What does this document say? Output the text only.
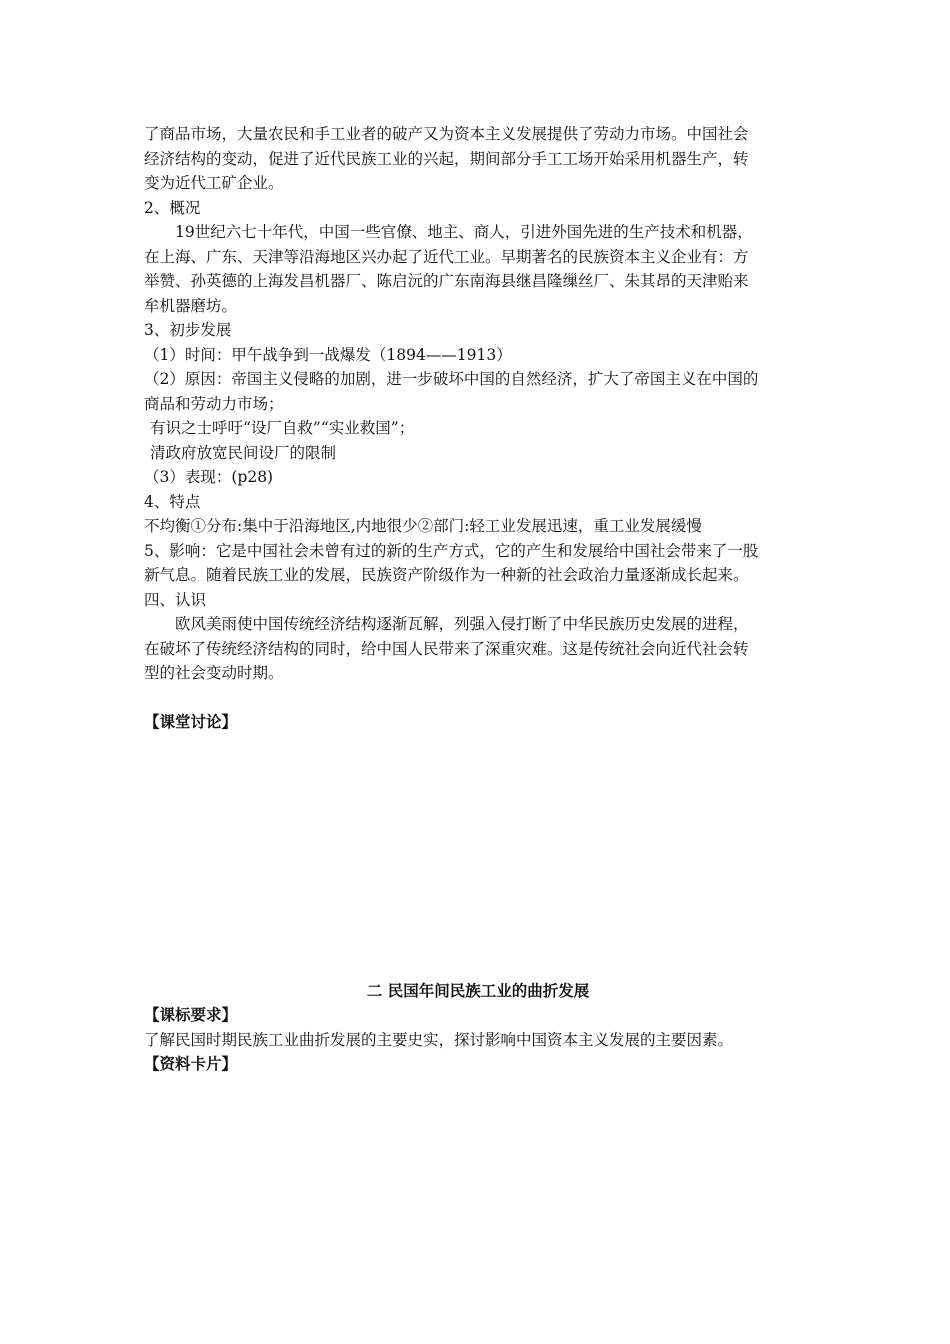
了商品市场，大量农民和手工业者的破产又为资本主义发展提供了劳动力市场。中国社会
经济结构的变动，促进了近代民族工业的兴起，期间部分手工工场开始采用机器生产，转
变为近代工矿企业。
2、概况
19世纪六七十年代，中国一些官僚、地主、商人，引进外国先进的生产技术和机器，
在上海、广东、天津等沿海地区兴办起了近代工业。早期著名的民族资本主义企业有：方
举赞、孙英德的上海发昌机器厂、陈启沅的广东南海县继昌隆缫丝厂、朱其昂的天津贻来
牟机器磨坊。
3、初步发展
（1）时间：甲午战争到一战爆发（1894——1913）
（2）原因：帝国主义侵略的加剧，进一步破坏中国的自然经济，扩大了帝国主义在中国的
商品和劳动力市场；
有识之士呼吁“设厂自救”“实业救国”；
清政府放宽民间设厂的限制
（3）表现：(p28)
4、特点
不均衡①分布:集中于沿海地区,内地很少②部门:轻工业发展迅速，重工业发展缓慢
5、影响：它是中国社会未曾有过的新的生产方式，它的产生和发展给中国社会带来了一股
新气息。随着民族工业的发展，民族资产阶级作为一种新的社会政治力量逐渐成长起来。
四、认识
欧风美雨使中国传统经济结构逐渐瓦解，列强入侵打断了中华民族历史发展的进程，
在破坏了传统经济结构的同时，给中国人民带来了深重灾难。这是传统社会向近代社会转
型的社会变动时期。
【课堂讨论】
二 民国年间民族工业的曲折发展
【课标要求】
了解民国时期民族工业曲折发展的主要史实，探讨影响中国资本主义发展的主要因素。
【资料卡片】
